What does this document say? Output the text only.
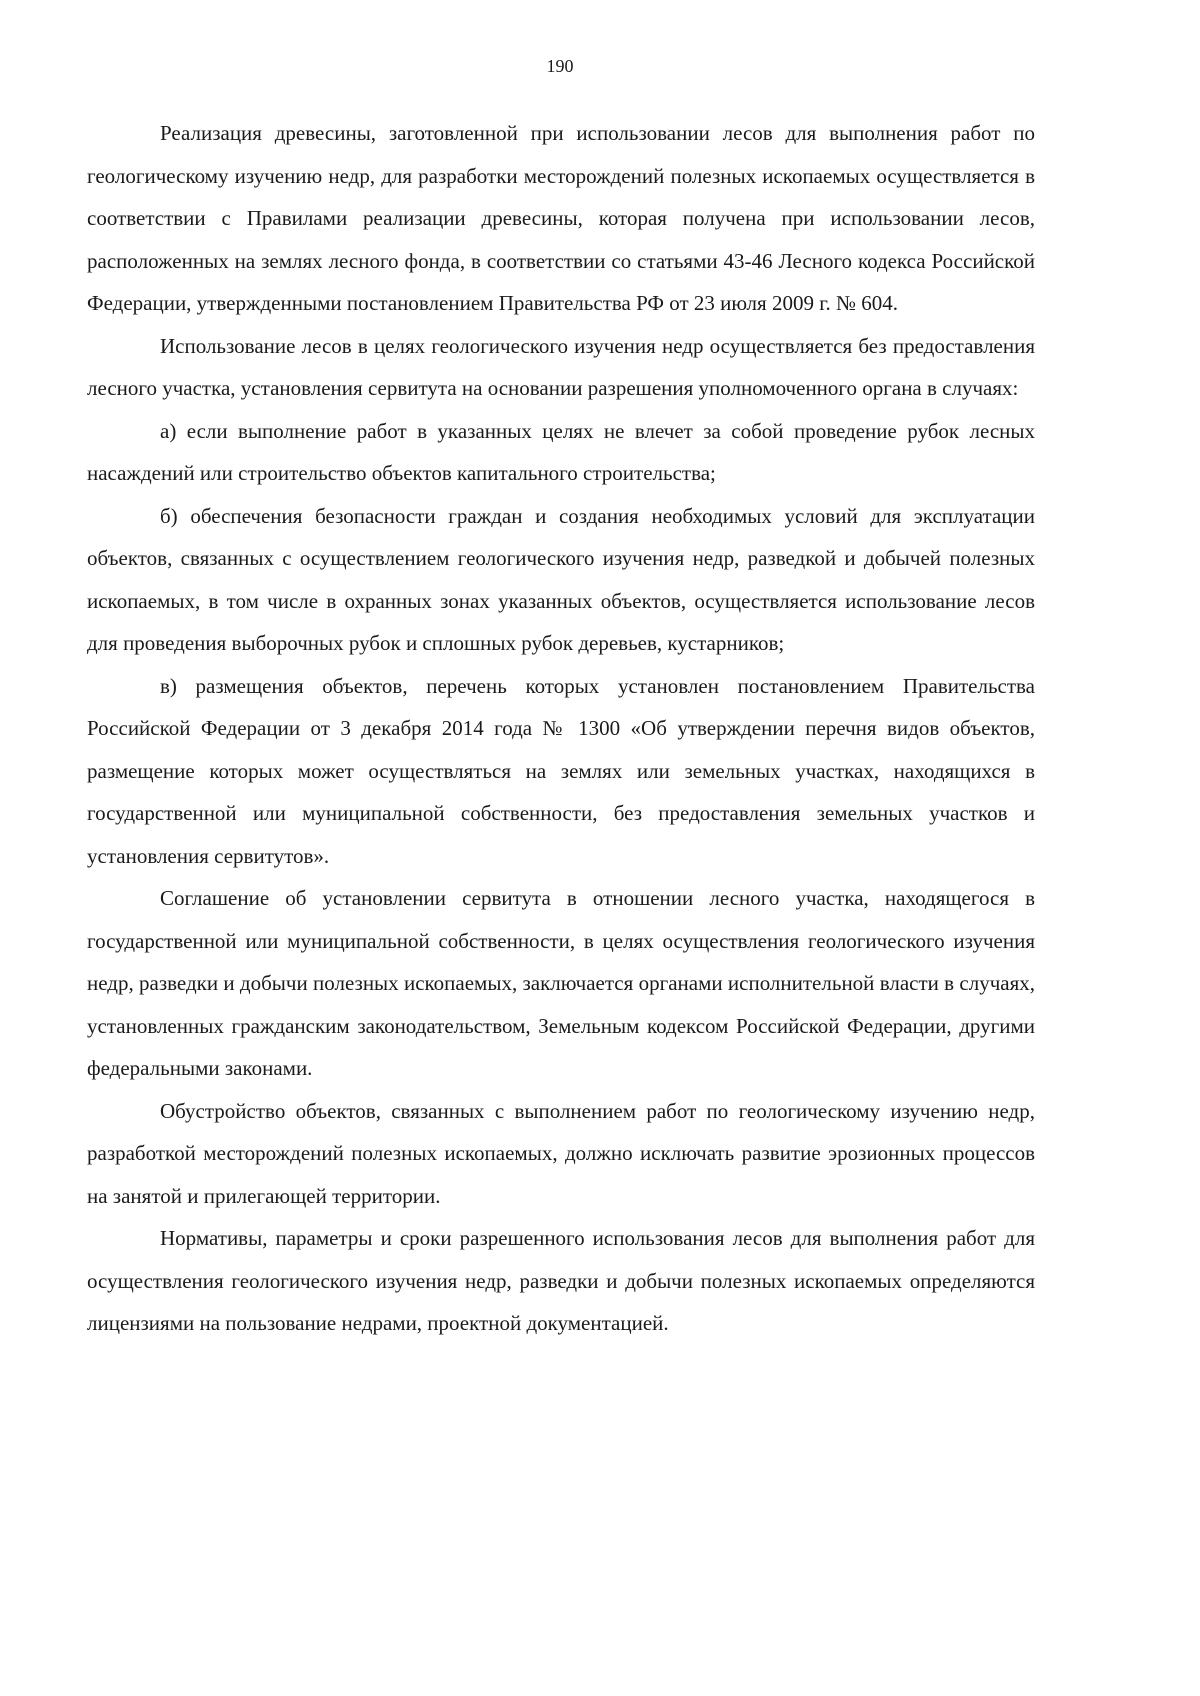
190

Реализация древесины, заготовленной при использовании лесов для выполнения работ по геологическому изучению недр, для разработки месторождений полезных ископаемых осуществляется в соответствии с Правилами реализации древесины, которая получена при использовании лесов, расположенных на землях лесного фонда, в соответствии со статьями 43-46 Лесного кодекса Российской Федерации, утвержденными постановлением Правительства РФ от 23 июля 2009 г. № 604.

Использование лесов в целях геологического изучения недр осуществляется без предоставления лесного участка, установления сервитута на основании разрешения уполномоченного органа в случаях:

а) если выполнение работ в указанных целях не влечет за собой проведение рубок лесных насаждений или строительство объектов капитального строительства;

б) обеспечения безопасности граждан и создания необходимых условий для эксплуатации объектов, связанных с осуществлением геологического изучения недр, разведкой и добычей полезных ископаемых, в том числе в охранных зонах указанных объектов, осуществляется использование лесов для проведения выборочных рубок и сплошных рубок деревьев, кустарников;

в) размещения объектов, перечень которых установлен постановлением Правительства Российской Федерации от 3 декабря 2014 года № 1300 «Об утверждении перечня видов объектов, размещение которых может осуществляться на землях или земельных участках, находящихся в государственной или муниципальной собственности, без предоставления земельных участков и установления сервитутов».

Соглашение об установлении сервитута в отношении лесного участка, находящегося в государственной или муниципальной собственности, в целях осуществления геологического изучения недр, разведки и добычи полезных ископаемых, заключается органами исполнительной власти в случаях, установленных гражданским законодательством, Земельным кодексом Российской Федерации, другими федеральными законами.

Обустройство объектов, связанных с выполнением работ по геологическому изучению недр, разработкой месторождений полезных ископаемых, должно исключать развитие эрозионных процессов на занятой и прилегающей территории.

Нормативы, параметры и сроки разрешенного использования лесов для выполнения работ для осуществления геологического изучения недр, разведки и добычи полезных ископаемых определяются лицензиями на пользование недрами, проектной документацией.
